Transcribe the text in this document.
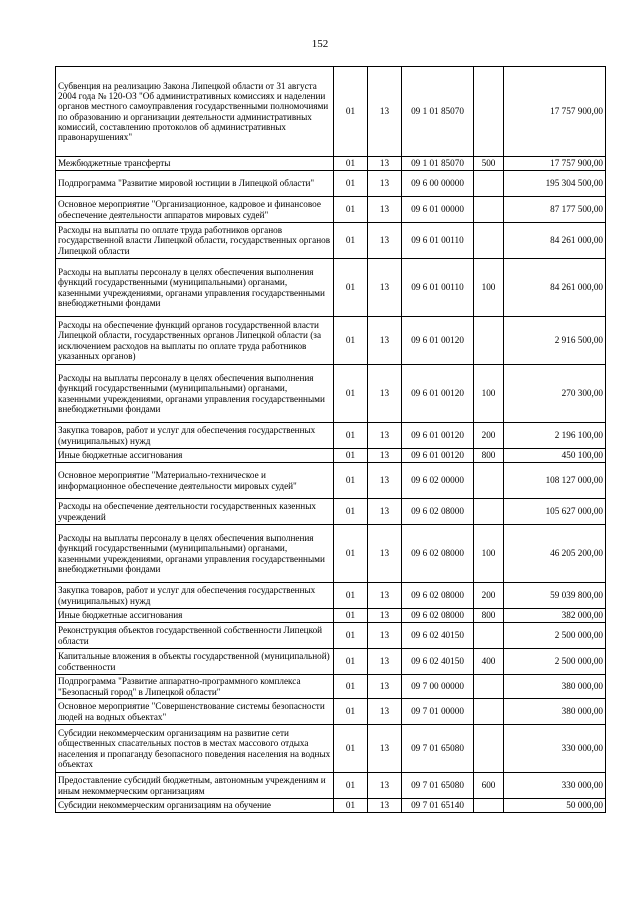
152
Субвенция на реализацию Закона Липецкой области от 31 августа 2004 года № 120-ОЗ "Об административных комиссиях и наделении органов местного самоуправления государственными полномочиями по образованию и организации деятельности административных комиссий, составлению протоколов об административных правонарушениях"	01	13	09 1 01 85070		17 757 900,00
Межбюджетные трансферты	01	13	09 1 01 85070	500	17 757 900,00
Подпрограмма "Развитие мировой юстиции в Липецкой области"	01	13	09 6 00 00000		195 304 500,00
Основное мероприятие "Организационное, кадровое и финансовое обеспечение деятельности аппаратов мировых судей"	01	13	09 6 01 00000		87 177 500,00
Расходы на выплаты по оплате труда работников органов государственной власти Липецкой области, государственных органов Липецкой области	01	13	09 6 01 00110		84 261 000,00
Расходы на выплаты персоналу в целях обеспечения выполнения функций государственными (муниципальными) органами, казенными учреждениями, органами управления государственными внебюджетными фондами	01	13	09 6 01 00110	100	84 261 000,00
Расходы на обеспечение функций органов государственной власти Липецкой области, государственных органов Липецкой области (за исключением расходов на выплаты по оплате труда работников указанных органов)	01	13	09 6 01 00120		2 916 500,00
Расходы на выплаты персоналу в целях обеспечения выполнения функций государственными (муниципальными) органами, казенными учреждениями, органами управления государственными внебюджетными фондами	01	13	09 6 01 00120	100	270 300,00
Закупка товаров, работ и услуг для обеспечения государственных (муниципальных) нужд	01	13	09 6 01 00120	200	2 196 100,00
Иные бюджетные ассигнования	01	13	09 6 01 00120	800	450 100,00
Основное мероприятие "Материально-техническое и информационное обеспечение деятельности мировых судей"	01	13	09 6 02 00000		108 127 000,00
Расходы на обеспечение деятельности государственных казенных учреждений	01	13	09 6 02 08000		105 627 000,00
Расходы на выплаты персоналу в целях обеспечения выполнения функций государственными (муниципальными) органами, казенными учреждениями, органами управления государственными внебюджетными фондами	01	13	09 6 02 08000	100	46 205 200,00
Закупка товаров, работ и услуг для обеспечения государственных (муниципальных) нужд	01	13	09 6 02 08000	200	59 039 800,00
Иные бюджетные ассигнования	01	13	09 6 02 08000	800	382 000,00
Реконструкция объектов государственной собственности Липецкой области	01	13	09 6 02 40150		2 500 000,00
Капитальные вложения в объекты государственной (муниципальной) собственности	01	13	09 6 02 40150	400	2 500 000,00
Подпрограмма "Развитие аппаратно-программного комплекса "Безопасный город" в Липецкой области"	01	13	09 7 00 00000		380 000,00
Основное мероприятие "Совершенствование системы безопасности людей на водных объектах"	01	13	09 7 01 00000		380 000,00
Субсидии некоммерческим организациям на развитие сети общественных спасательных постов в местах массового отдыха населения и пропаганду безопасного поведения населения на водных объектах	01	13	09 7 01 65080		330 000,00
Предоставление субсидий бюджетным, автономным учреждениям и иным некоммерческим организациям	01	13	09 7 01 65080	600	330 000,00
Субсидии некоммерческим организациям на обучение	01	13	09 7 01 65140		50 000,00
